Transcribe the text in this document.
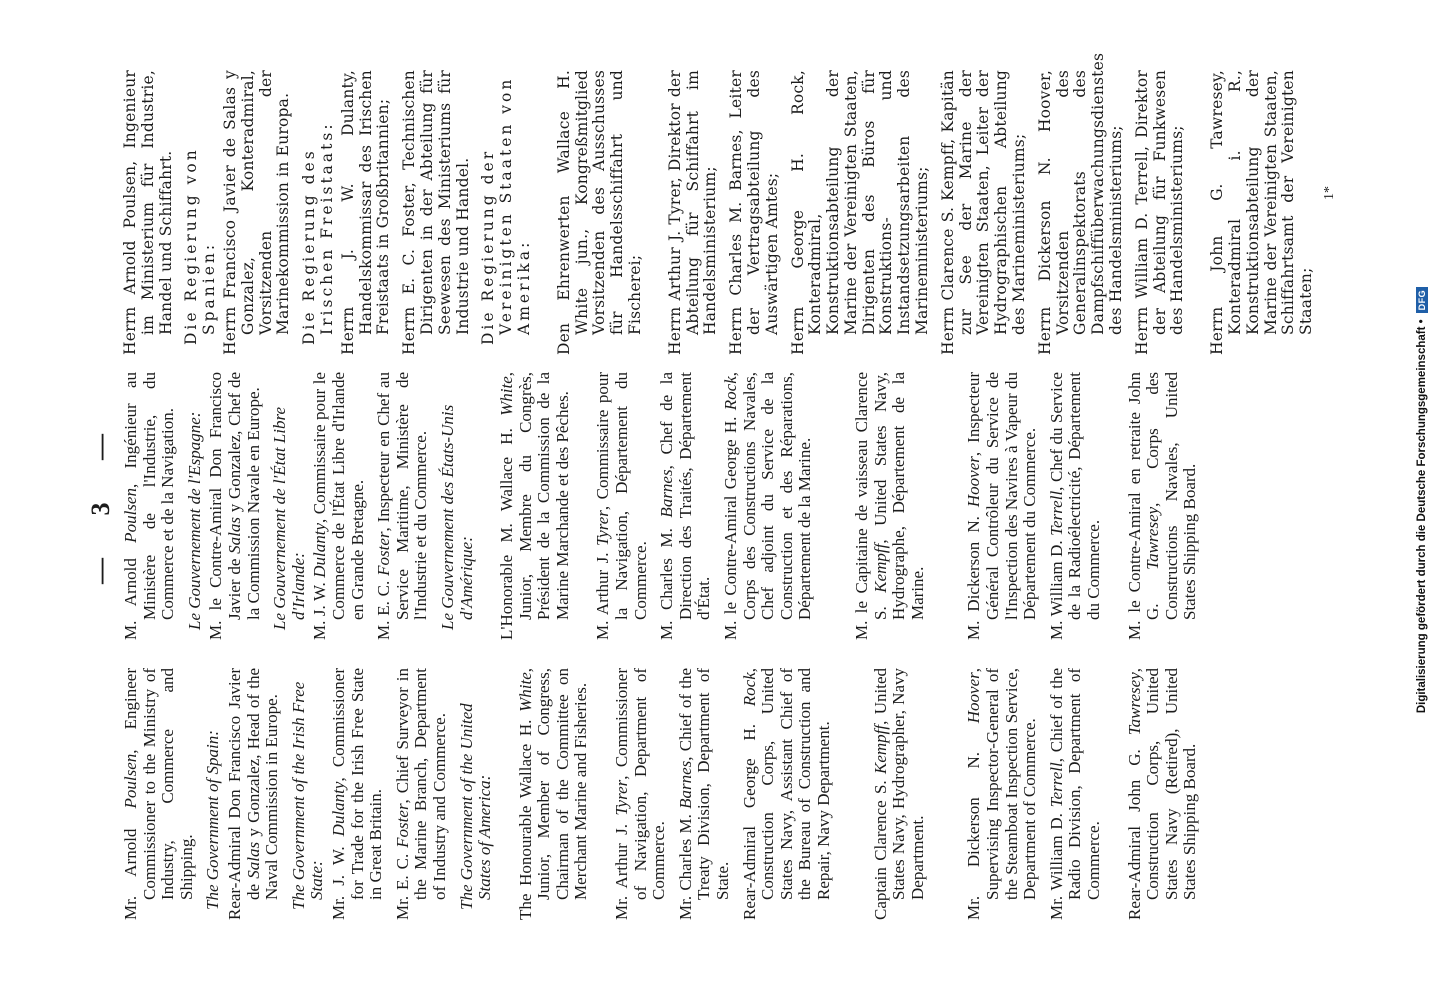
— 3 —

Mr. Arnold Poulsen, Engineer Commissioner to the Ministry of Industry, Commerce and Shipping. The Government of Spain: Rear-Admiral Don Francisco Javier de Salas y Gonzalez, Head of the Naval Commission in Europe. The Government of the Irish Free State: Mr. J. W. Dulanty, Commissioner for Trade for the Irish Free State in Great Britain. Mr. E. C. Foster, Chief Surveyor in the Marine Branch, Department of Industry and Commerce. The Government of the United States of America: The Honourable Wallace H. White, Junior, Member of Congress, Chairman of the Committee on Merchant Marine and Fisheries. Mr. Arthur J. Tyrer, Commissioner of Navigation, Department of Commerce. Mr. Charles M. Barnes, Chief of the Treaty Division, Department of State. Rear-Admiral George H. Rock, Construction Corps, United States Navy, Assistant Chief of the Bureau of Construction and Repair, Navy Department. Captain Clarence S. Kempff, United States Navy, Hydrographer, Navy Department. Mr. Dickerson N. Hoover, Supervising Inspector-General of the Steamboat Inspection Service, Department of Commerce. Mr. William D. Terrell, Chief of the Radio Division, Department of Commerce. Rear-Admiral John G. Tawresey, Construction Corps, United States Navy (Retired), United States Shipping Board.

M. Arnold Poulsen, Ingénieur au Ministère de l'Industrie, du Commerce et de la Navigation. Le Gouvernement de l'Espagne: M. le Contre-Amiral Don Francisco Javier de Salas y Gonzalez, Chef de la Commission Navale en Europe. Le Gouvernement de l'État Libre d'Irlande: M. J. W. Dulanty, Commissaire pour le Commerce de l'État Libre d'Irlande en Grande Bretagne. M. E. C. Foster, Inspecteur en Chef au Service Maritime, Ministère de l'Industrie et du Commerce. Le Gouvernement des États-Unis d'Amérique: L'Honorable M. Wallace H. White, Junior, Membre du Congrès, Président de la Commission de la Marine Marchande et des Pêches. M. Arthur J. Tyrer, Commissaire pour la Navigation, Département du Commerce. M. Charles M. Barnes, Chef de la Direction des Traités, Département d'État. M. le Contre-Amiral George H. Rock, Corps des Constructions Navales, Chef adjoint du Service de la Construction et des Réparations, Département de la Marine. M. le Capitaine de vaisseau Clarence S. Kempff, United States Navy, Hydrographe, Département de la Marine. M. Dickerson N. Hoover, Inspecteur Général Contrôleur du Service de l'Inspection des Navires à Vapeur du Département du Commerce. M. William D. Terrell, Chef du Service de la Radioélectricité, Département du Commerce. M. le Contre-Amiral en retraite John G. Tawresey, Corps des Constructions Navales, United States Shipping Board.

Herrn Arnold Poulsen, Ingenieur im Ministerium für Industrie, Handel und Schiffahrt. Die Regierung von Spanien: Herrn Francisco Javier de Salas y Gonzalez, Konteradmiral, Vorsitzenden der Marinekommission in Europa. Die Regierung des Irischen Freistaats: Herrn J. W. Dulanty, Handelskommissar des Irischen Freistaats in Großbritannien; Herrn E. C. Foster, Technischen Dirigenten in der Abteilung für Seewesen des Ministeriums für Industrie und Handel. Die Regierung der Vereinigten Staaten von Amerika: Den Ehrenwerten Wallace H. White jun., Kongreßmitglied Vorsitzenden des Ausschusses für Handelsschiffahrt und Fischerei; Herrn Arthur J. Tyrer, Direktor der Abteilung für Schiffahrt im Handelsministerium; Herrn Charles M. Barnes, Leiter der Vertragsabteilung des Auswärtigen Amtes; Herrn George H. Rock, Konteradmiral, Konstruktionsabteilung der Marine der Vereinigten Staaten, Dirigenten des Büros für Konstruktions- und Instandsetzungsarbeiten des Marineministeriums; Herrn Clarence S. Kempff, Kapitän zur See der Marine der Vereinigten Staaten, Leiter der Hydrographischen Abteilung des Marineministeriums; Herrn Dickerson N. Hoover, Vorsitzenden des Generalinspektorats des Dampfschiffüberwachungsdienstes des Handelsministeriums; Herrn William D. Terrell, Direktor der Abteilung für Funkwesen des Handelsministeriums; Herrn John G. Tawresey, Konteradmiral i. R., Konstruktionsabteilung der Marine der Vereinigten Staaten, Schiffahrtsamt der Vereinigten Staaten;

1*
Digitalisierung gefördert durch die Deutsche Forschungsgemeinschaft •
DFG
